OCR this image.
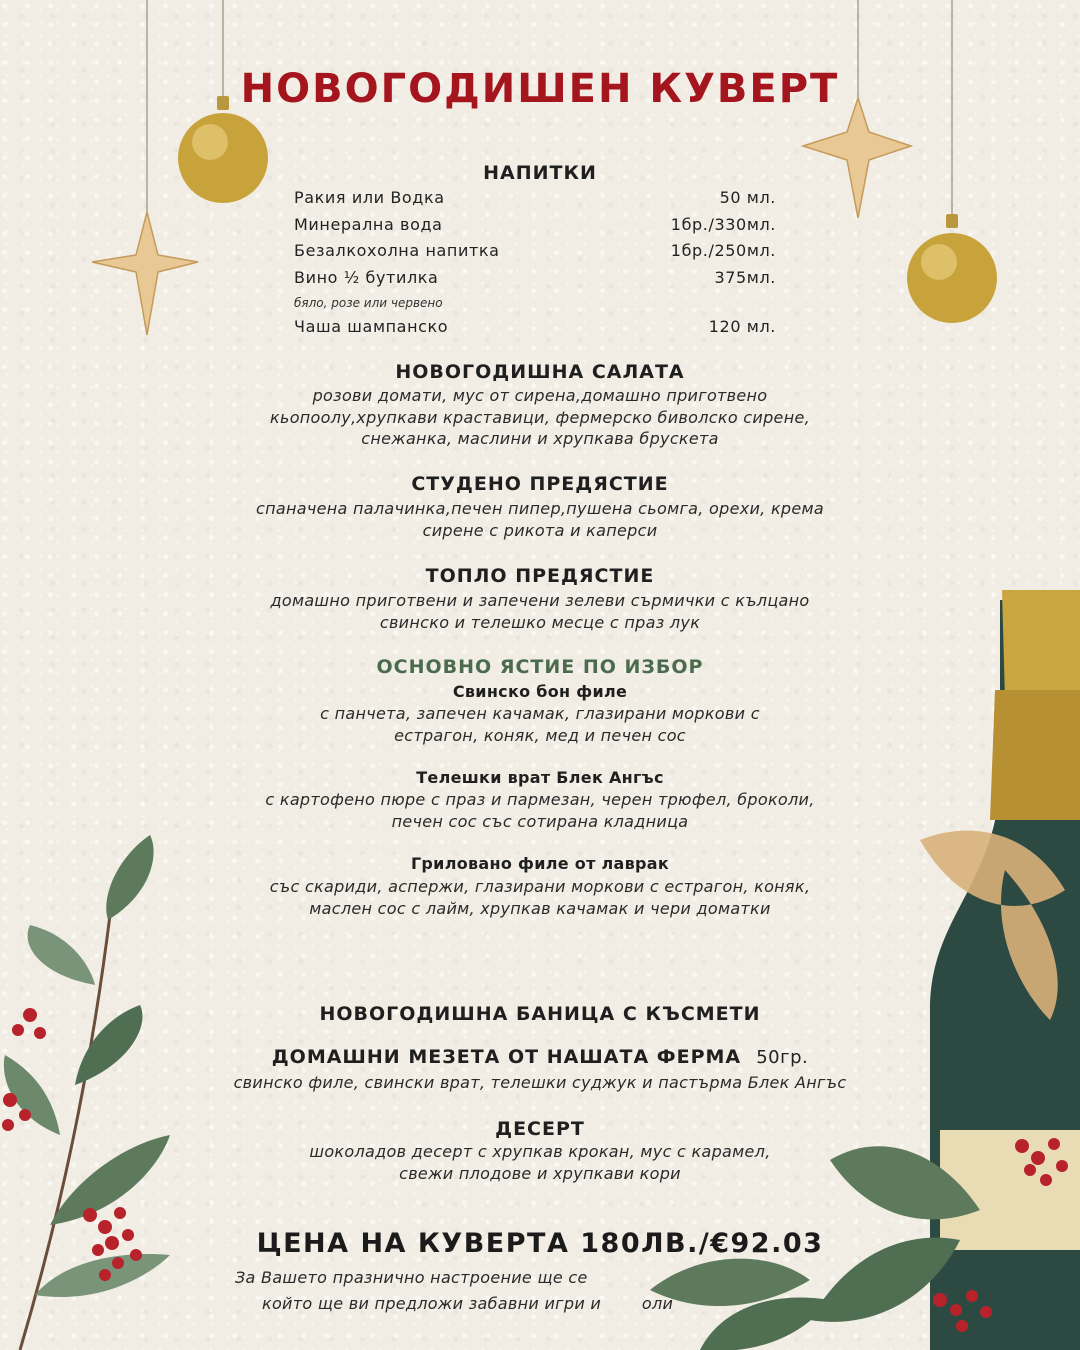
НОВОГОДИШЕН КУВЕРТ
НАПИТКИ
Ракия или Водка	50 мл.
Минерална вода	1бр./330мл.
Безалкохолна напитка	1бр./250мл.
Вино ½ бутилка	375мл.
бяло, розе или червено
Чаша шампанско	120 мл.
НОВОГОДИШНА САЛАТА
розови домати, мус от сирена,домашно приготвено
кьопоолу,хрупкави краставици, фермерско биволско сирене,
снежанка, маслини и хрупкава брускета
СТУДЕНО ПРЕДЯСТИЕ
спаначена палачинка,печен пипер,пушена сьомга, орехи, крема
сирене с рикота и каперси
ТОПЛО ПРЕДЯСТИЕ
домашно приготвени и запечени зелеви сърмички с кълцано
свинско и телешко месце с праз лук
ОСНОВНО ЯСТИЕ ПО ИЗБОР
Свинско бон филе
с панчета, запечен качамак, глазирани моркови с
естрагон, коняк, мед и печен сос
Телешки врат Блек Ангъс
с картофено пюре с праз и пармезан, черен трюфел, броколи,
печен сос със сотирана кладница
Гриловано филе от лаврак
със скариди, аспержи, глазирани моркови с естрагон, коняк,
маслен сос с лайм, хрупкав качамак и чери доматки
НОВОГОДИШНА БАНИЦА С КЪСМЕТИ
ДОМАШНИ МЕЗЕТА ОТ НАШАТА ФЕРМА 50гр.
свинско филе, свински врат, телешки суджук и пастърма Блек Ангъс
ДЕСЕРТ
шоколадов десерт с хрупкав крокан, мус с карамел,
свежи плодове и хрупкави кори
ЦЕНА НА КУВЕРТА 180ЛВ./€92.03
За Вашето празнично настроение ще се
който ще ви предложи забавни игри и	оли
